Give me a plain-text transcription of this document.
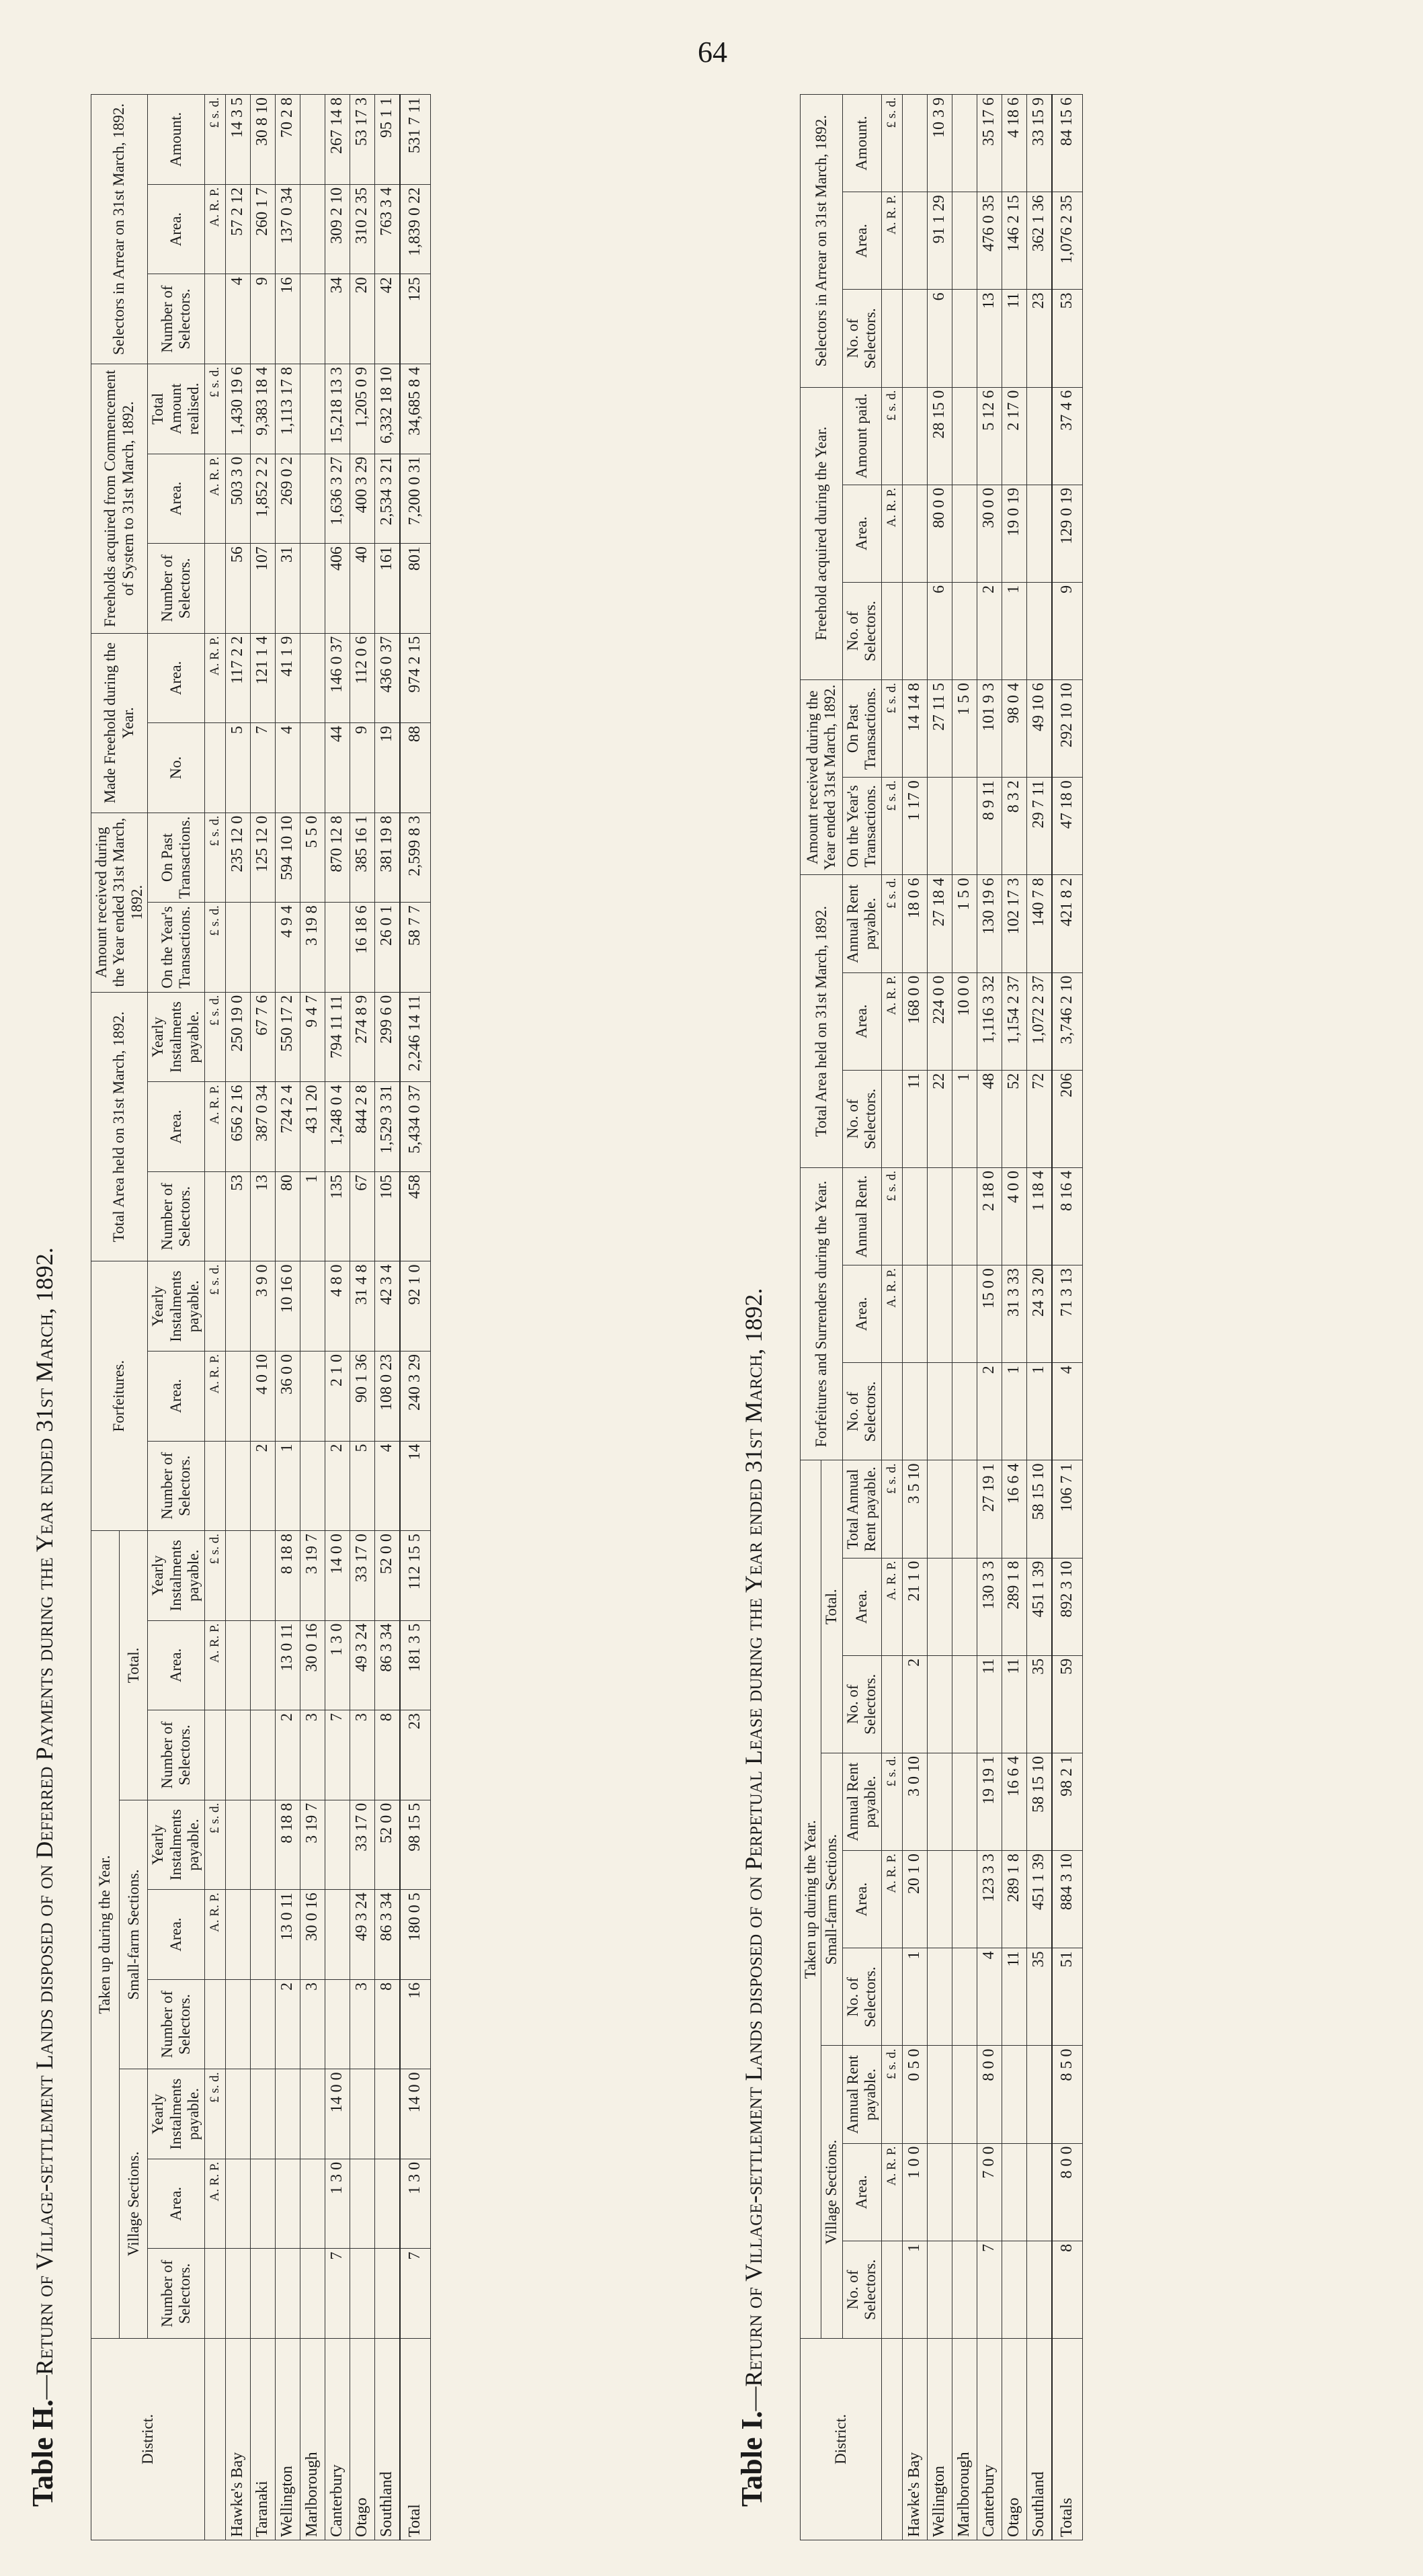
64
Table H.—Return of Village-settlement Lands disposed of on Deferred Payments during the Year ended 31st March, 1892.
District.	Taken up during the Year.									Forfeitures.			Total Area held on 31st March, 1892.			Amount received during the Year ended 31st March, 1892.		Made Freehold during the Year.		Freeholds acquired from Commencement of System to 31st March, 1892.			Selectors in Arrear on 31st March, 1892.		
	Village Sections.			Small-farm Sections.			Total.																		
	Number of Selectors.	Area.	Yearly Instalments payable.	Number of Selectors.	Area.	Yearly Instalments payable.	Number of Selectors.	Area.	Yearly Instalments payable.	Number of Selectors.	Area.	Yearly Instalments payable.	Number of Selectors.	Area.	Yearly Instalments payable.	On the Year's Transactions.	On Past Transactions.	No.	Area.	Number of Selectors.	Area.	Total Amount realised.	Number of Selectors.	Area.	Amount.
		A. R. P.	£ s. d.		A. R. P.	£ s. d.		A. R. P.	£ s. d.		A. R. P.	£ s. d.		A. R. P.	£ s. d.	£ s. d.	£ s. d.		A. R. P.		A. R. P.	£ s. d.		A. R. P.	£ s. d.
Hawke's Bay													53	656 2 16	250 19 0		235 12 0	5	117 2 2	56	503 3 0	1,430 19 6	4	57 2 12	14 3 5
Taranaki										2	4 0 10	3 9 0	13	387 0 34	67 7 6		125 12 0	7	121 1 4	107	1,852 2 2	9,383 18 4	9	260 1 7	30 8 10
Wellington				2	13 0 11	8 18 8	2	13 0 11	8 18 8	1	36 0 0	10 16 0	80	724 2 4	550 17 2	4 9 4	594 10 10	4	41 1 9	31	269 0 2	1,113 17 8	16	137 0 34	70 2 8
Marlborough				3	30 0 16	3 19 7	3	30 0 16	3 19 7				1	43 1 20	9 4 7	3 19 8	5 5 0								
Canterbury	7	1 3 0	14 0 0				7	1 3 0	14 0 0	2	2 1 0	4 8 0	135	1,248 0 4	794 11 11		870 12 8	44	146 0 37	406	1,636 3 27	15,218 13 3	34	309 2 10	267 14 8
Otago				3	49 3 24	33 17 0	3	49 3 24	33 17 0	5	90 1 36	31 4 8	67	844 2 8	274 8 9	16 18 6	385 16 1	9	112 0 6	40	400 3 29	1,205 0 9	20	310 2 35	53 17 3
Southland				8	86 3 34	52 0 0	8	86 3 34	52 0 0	4	108 0 23	42 3 4	105	1,529 3 31	299 6 0	26 0 1	381 19 8	19	436 0 37	161	2,534 3 21	6,332 18 10	42	763 3 4	95 1 1
Total	7	1 3 0	14 0 0	16	180 0 5	98 15 5	23	181 3 5	112 15 5	14	240 3 29	92 1 0	458	5,434 0 37	2,246 14 11	58 7 7	2,599 8 3	88	974 2 15	801	7,200 0 31	34,685 8 4	125	1,839 0 22	531 7 11
Table I.—Return of Village-settlement Lands disposed of on Perpetual Lease during the Year ended 31st March, 1892.
District.	Taken up during the Year.									Forfeitures and Surrenders during the Year.			Total Area held on 31st March, 1892.			Amount received during the Year ended 31st March, 1892.		Freehold acquired during the Year.			Selectors in Arrear on 31st March, 1892.		
	Village Sections.			Small-farm Sections.			Total.																
	No. of Selectors.	Area.	Annual Rent payable.	No. of Selectors.	Area.	Annual Rent payable.	No. of Selectors.	Area.	Total Annual Rent payable.	No. of Selectors.	Area.	Annual Rent.	No. of Selectors.	Area.	Annual Rent payable.	On the Year's Transactions.	On Past Transactions.	No. of Selectors.	Area.	Amount paid.	No. of Selectors.	Area.	Amount.
		A. R. P.	£ s. d.		A. R. P.	£ s. d.		A. R. P.	£ s. d.		A. R. P.	£ s. d.		A. R. P.	£ s. d.	£ s. d.	£ s. d.		A. R. P.	£ s. d.		A. R. P.	£ s. d.
Hawke's Bay	1	1 0 0	0 5 0	1	20 1 0	3 0 10	2	21 1 0	3 5 10				11	168 0 0	18 0 6	1 17 0	14 14 8						
Wellington													22	224 0 0	27 18 4		27 11 5	6	80 0 0	28 15 0	6	91 1 29	10 3 9
Marlborough													1	10 0 0	1 5 0		1 5 0						
Canterbury	7	7 0 0	8 0 0	4	123 3 3	19 19 1	11	130 3 3	27 19 1	2	15 0 0	2 18 0	48	1,116 3 32	130 19 6	8 9 11	101 9 3	2	30 0 0	5 12 6	13	476 0 35	35 17 6
Otago				11	289 1 8	16 6 4	11	289 1 8	16 6 4	1	31 3 33	4 0 0	52	1,154 2 37	102 17 3	8 3 2	98 0 4	1	19 0 19	2 17 0	11	146 2 15	4 18 6
Southland				35	451 1 39	58 15 10	35	451 1 39	58 15 10	1	24 3 20	1 18 4	72	1,072 2 37	140 7 8	29 7 11	49 10 6				23	362 1 36	33 15 9
Totals	8	8 0 0	8 5 0	51	884 3 10	98 2 1	59	892 3 10	106 7 1	4	71 3 13	8 16 4	206	3,746 2 10	421 8 2	47 18 0	292 10 10	9	129 0 19	37 4 6	53	1,076 2 35	84 15 6
